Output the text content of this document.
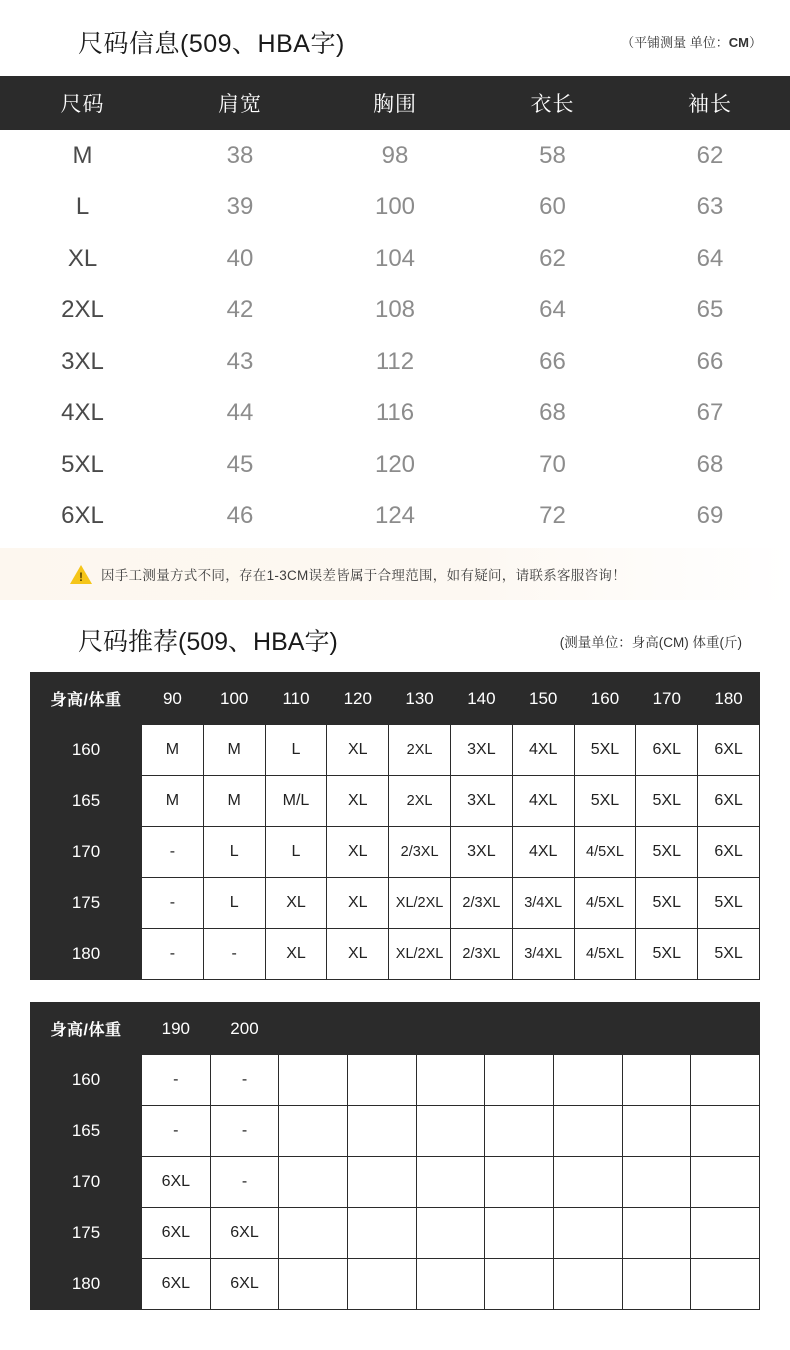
尺码信息(509、HBA字)	（平铺测量 单位：CM）
尺码	肩宽	胸围	衣长	袖长
M	38	98	58	62
L	39	100	60	63
XL	40	104	62	64
2XL	42	108	64	65
3XL	43	112	66	66
4XL	44	116	68	67
5XL	45	120	70	68
6XL	46	124	72	69
!	因手工测量方式不同，存在1-3CM误差皆属于合理范围，如有疑问，请联系客服咨询！
尺码推荐(509、HBA字)	(测量单位：身高(CM) 体重(斤)
身高/体重	90	100	110	120	130	140	150	160	170	180
160	M	M	L	XL	2XL	3XL	4XL	5XL	6XL	6XL
165	M	M	M/L	XL	2XL	3XL	4XL	5XL	5XL	6XL
170	-	L	L	XL	2/3XL	3XL	4XL	4/5XL	5XL	6XL
175	-	L	XL	XL	XL/2XL	2/3XL	3/4XL	4/5XL	5XL	5XL
180	-	-	XL	XL	XL/2XL	2/3XL	3/4XL	4/5XL	5XL	5XL
身高/体重	190	200							
160	-	-							
165	-	-							
170	6XL	-							
175	6XL	6XL							
180	6XL	6XL							
